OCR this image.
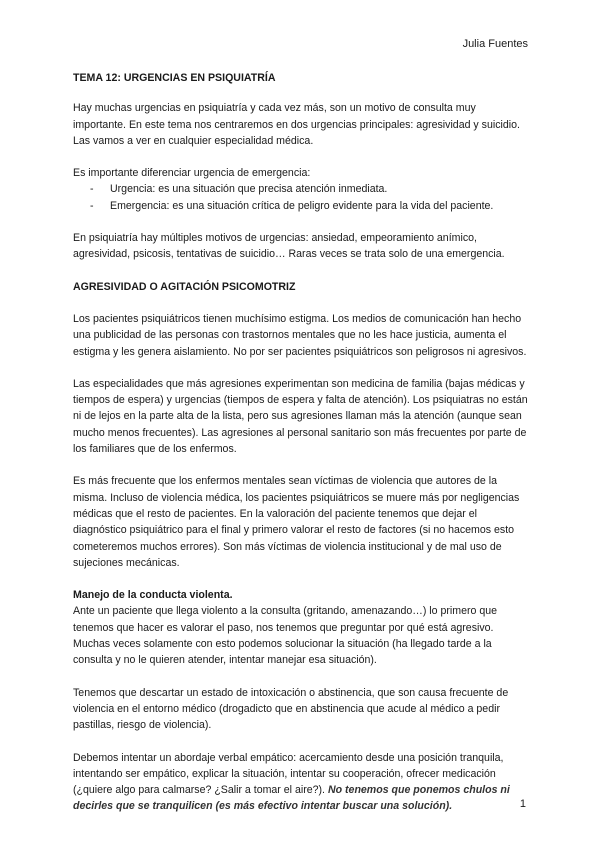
Julia Fuentes
TEMA 12: URGENCIAS EN PSIQUIATRÍA

Hay muchas urgencias en psiquiatría y cada vez más, son un motivo de consulta muy importante. En este tema nos centraremos en dos urgencias principales: agresividad y suicidio. Las vamos a ver en cualquier especialidad médica.

Es importante diferenciar urgencia de emergencia:

- Urgencia: es una situación que precisa atención inmediata.
- Emergencia: es una situación crítica de peligro evidente para la vida del paciente.

En psiquiatría hay múltiples motivos de urgencias: ansiedad, empeoramiento anímico, agresividad, psicosis, tentativas de suicidio… Raras veces se trata solo de una emergencia.

AGRESIVIDAD O AGITACIÓN PSICOMOTRIZ

Los pacientes psiquiátricos tienen muchísimo estigma. Los medios de comunicación han hecho una publicidad de las personas con trastornos mentales que no les hace justicia, aumenta el estigma y les genera aislamiento. No por ser pacientes psiquiátricos son peligrosos ni agresivos.

Las especialidades que más agresiones experimentan son medicina de familia (bajas médicas y tiempos de espera) y urgencias (tiempos de espera y falta de atención). Los psiquiatras no están ni de lejos en la parte alta de la lista, pero sus agresiones llaman más la atención (aunque sean mucho menos frecuentes). Las agresiones al personal sanitario son más frecuentes por parte de los familiares que de los enfermos.

Es más frecuente que los enfermos mentales sean víctimas de violencia que autores de la misma. Incluso de violencia médica, los pacientes psiquiátricos se muere más por negligencias médicas que el resto de pacientes. En la valoración del paciente tenemos que dejar el diagnóstico psiquiátrico para el final y primero valorar el resto de factores (si no hacemos esto cometeremos muchos errores). Son más víctimas de violencia institucional y de mal uso de sujeciones mecánicas.

Manejo de la conducta violenta.
Ante un paciente que llega violento a la consulta (gritando, amenazando…) lo primero que tenemos que hacer es valorar el paso, nos tenemos que preguntar por qué está agresivo. Muchas veces solamente con esto podemos solucionar la situación (ha llegado tarde a la consulta y no le quieren atender, intentar manejar esa situación).

Tenemos que descartar un estado de intoxicación o abstinencia, que son causa frecuente de violencia en el entorno médico (drogadicto que en abstinencia que acude al médico a pedir pastillas, riesgo de violencia).

Debemos intentar un abordaje verbal empático: acercamiento desde una posición tranquila, intentando ser empático, explicar la situación, intentar su cooperación, ofrecer medicación (¿quiere algo para calmarse? ¿Salir a tomar el aire?). No tenemos que ponemos chulos ni decirles que se tranquilicen (es más efectivo intentar buscar una solución).	1
